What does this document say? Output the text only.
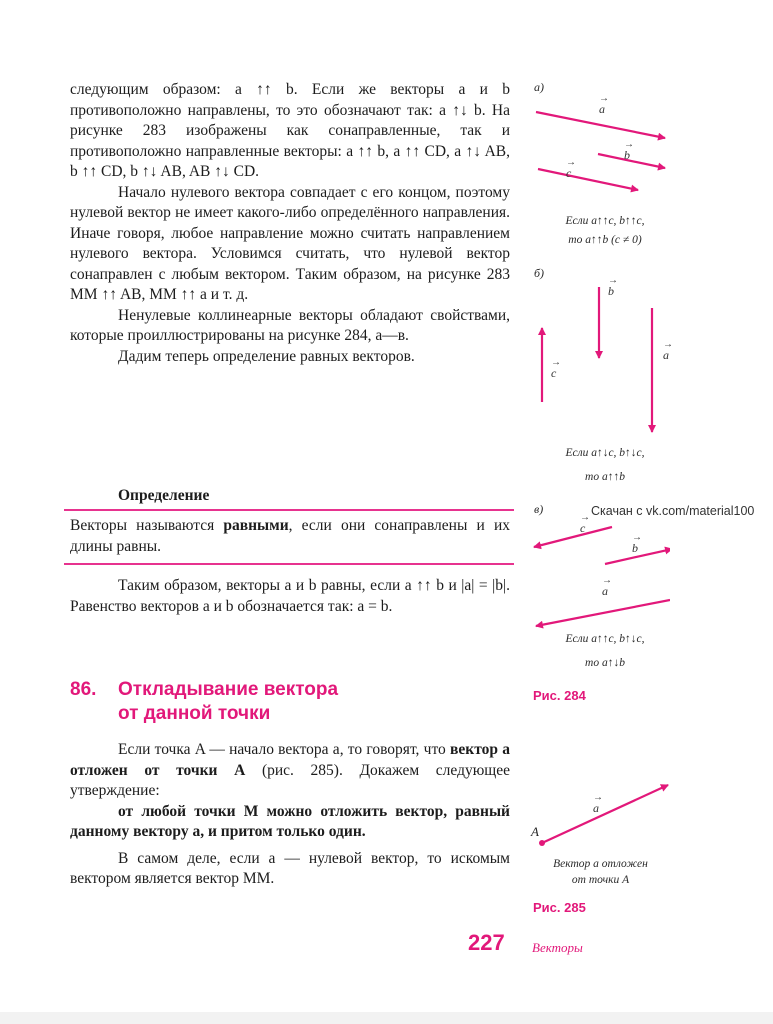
следующим образом: a ↑↑ b. Если же векторы a и b противоположно направлены, то это обозначают так: a ↑↓ b. На рисунке 283 изображены как сонаправленные, так и противоположно направленные векторы: a ↑↑ b, a ↑↑ CD, a ↑↓ AB, b ↑↑ CD, b ↑↓ AB, AB ↑↓ CD.

Начало нулевого вектора совпадает с его концом, поэтому нулевой вектор не имеет какого-либо определённого направления. Иначе говоря, любое направление можно считать направлением нулевого вектора. Условимся считать, что нулевой вектор сонаправлен с любым вектором. Таким образом, на рисунке 283 MM ↑↑ AB, MM ↑↑ a и т. д.

Ненулевые коллинеарные векторы обладают свойствами, которые проиллюстрированы на рисунке 284, а—в.

Дадим теперь определение равных векторов.

Определение

Векторы называются равными, если они сонаправлены и их длины равны.

Таким образом, векторы a и b равны, если a ↑↑ b и |a| = |b|. Равенство векторов a и b обозначается так: a = b.

86. Откладывание вектора
от данной точки

Если точка A — начало вектора a, то говорят, что вектор a отложен от точки A (рис. 285). Докажем следующее утверждение:

от любой точки M можно отложить вектор, равный данному вектору a, и притом только один.

В самом деле, если a — нулевой вектор, то искомым вектором является вектор MM.

а)
→ a
→ b
→ c
Если a↑↑c, b↑↑c,
то a↑↑b (c ≠ 0)
б)
→ b
→ c
→ a
Если a↑↓c, b↑↓c,
то a↑↑b
в)	Скачан с vk.com/material100
→ c
→ b
→ a
Если a↑↑c, b↑↓c,
то a↑↓b
Рис. 284
→ a
A
Вектор a отложен
от точки A
Рис. 285
227 Векторы
